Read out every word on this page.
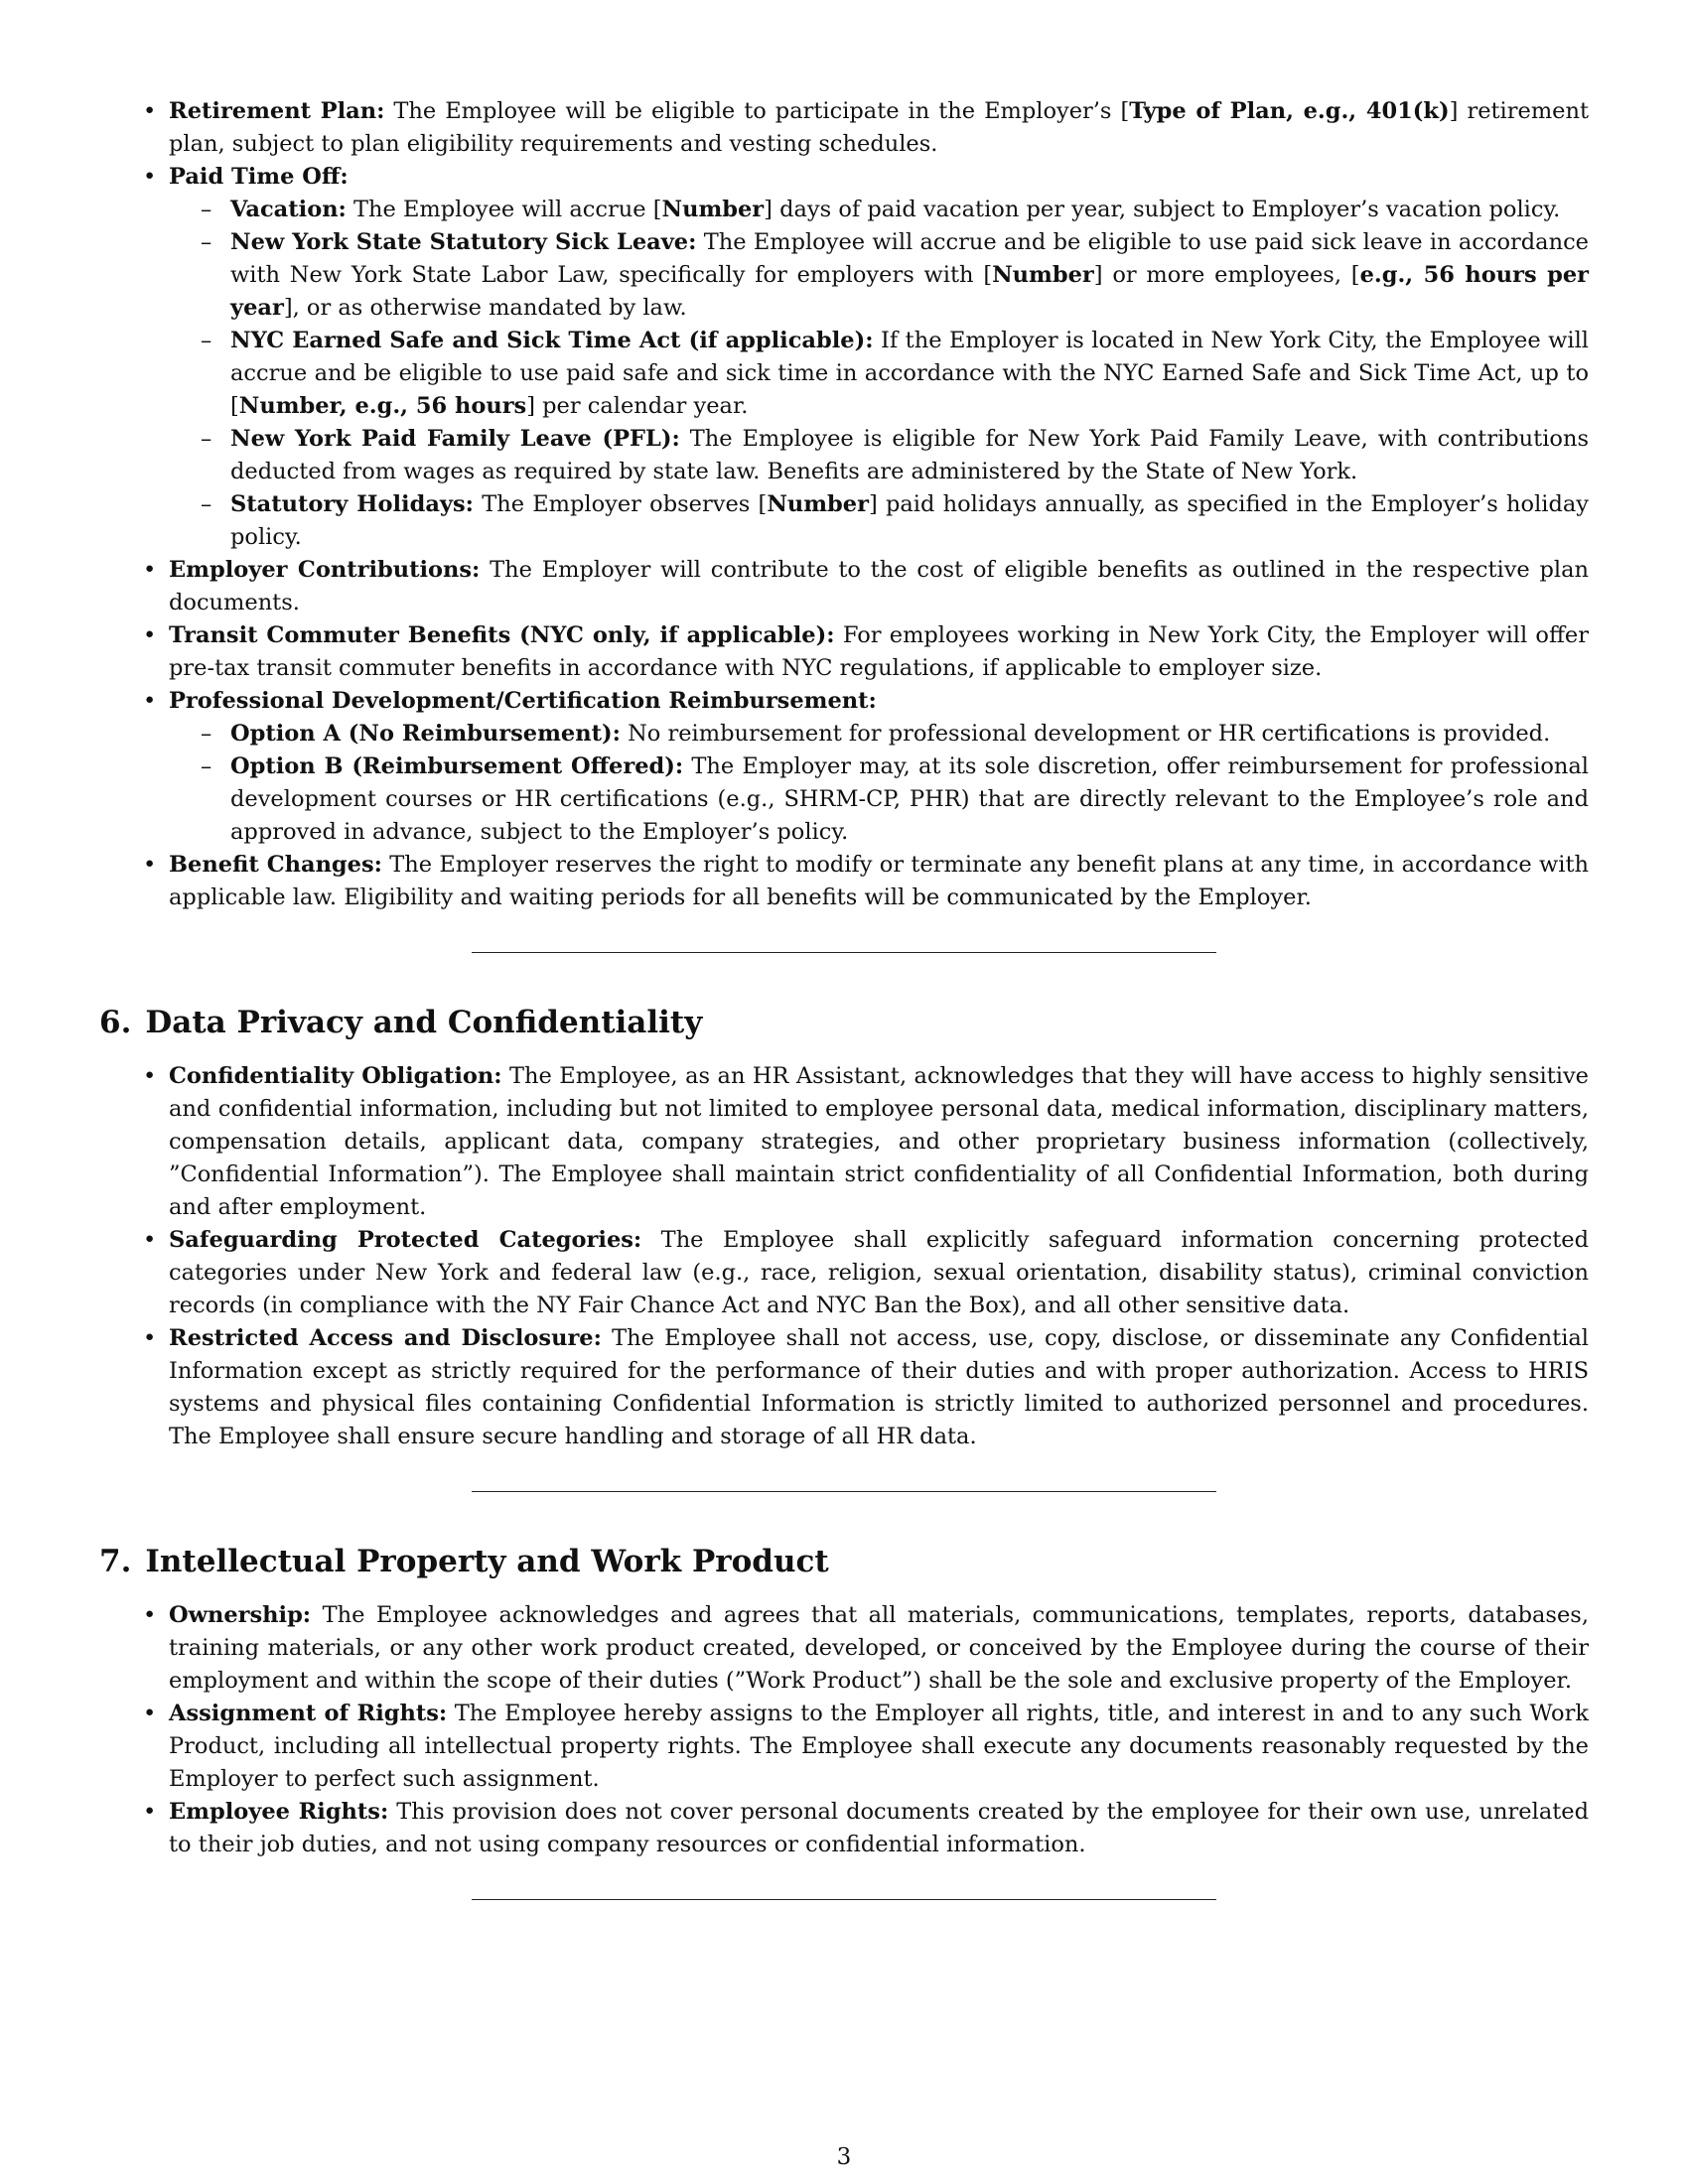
• Retirement Plan: The Employee will be eligible to participate in the Employer’s [Type of Plan, e.g., 401(k)] retirement plan, subject to plan eligibility requirements and vesting schedules.
• Paid Time Off:
– Vacation: The Employee will accrue [Number] days of paid vacation per year, subject to Employer’s vacation policy.
– New York State Statutory Sick Leave: The Employee will accrue and be eligible to use paid sick leave in accordance with New York State Labor Law, specifically for employers with [Number] or more employees, [e.g., 56 hours per year], or as otherwise mandated by law.
– NYC Earned Safe and Sick Time Act (if applicable): If the Employer is located in New York City, the Employee will accrue and be eligible to use paid safe and sick time in accordance with the NYC Earned Safe and Sick Time Act, up to [Number, e.g., 56 hours] per calendar year.
– New York Paid Family Leave (PFL): The Employee is eligible for New York Paid Family Leave, with contributions deducted from wages as required by state law. Benefits are administered by the State of New York.
– Statutory Holidays: The Employer observes [Number] paid holidays annually, as specified in the Employer’s holiday policy.
• Employer Contributions: The Employer will contribute to the cost of eligible benefits as outlined in the respective plan documents.
• Transit Commuter Benefits (NYC only, if applicable): For employees working in New York City, the Employer will offer pre-tax transit commuter benefits in accordance with NYC regulations, if applicable to employer size.
• Professional Development/Certification Reimbursement:
– Option A (No Reimbursement): No reimbursement for professional development or HR certifications is provided.
– Option B (Reimbursement Offered): The Employer may, at its sole discretion, offer reimbursement for professional development courses or HR certifications (e.g., SHRM-CP, PHR) that are directly relevant to the Employee’s role and approved in advance, subject to the Employer’s policy.
• Benefit Changes: The Employer reserves the right to modify or terminate any benefit plans at any time, in accordance with applicable law. Eligibility and waiting periods for all benefits will be communicated by the Employer.
6. Data Privacy and Confidentiality
• Confidentiality Obligation: The Employee, as an HR Assistant, acknowledges that they will have access to highly sensitive and confidential information, including but not limited to employee personal data, medical information, disciplinary matters, compensation details, applicant data, company strategies, and other proprietary business information (collectively, ”Confidential Information”). The Employee shall maintain strict confidentiality of all Confidential Information, both during and after employment.
• Safeguarding Protected Categories: The Employee shall explicitly safeguard information concerning protected categories under New York and federal law (e.g., race, religion, sexual orientation, disability status), criminal conviction records (in compliance with the NY Fair Chance Act and NYC Ban the Box), and all other sensitive data.
• Restricted Access and Disclosure: The Employee shall not access, use, copy, disclose, or disseminate any Confidential Information except as strictly required for the performance of their duties and with proper authorization. Access to HRIS systems and physical files containing Confidential Information is strictly limited to authorized personnel and procedures. The Employee shall ensure secure handling and storage of all HR data.
7. Intellectual Property and Work Product
• Ownership: The Employee acknowledges and agrees that all materials, communications, templates, reports, databases, training materials, or any other work product created, developed, or conceived by the Employee during the course of their employment and within the scope of their duties (”Work Product”) shall be the sole and exclusive property of the Employer.
• Assignment of Rights: The Employee hereby assigns to the Employer all rights, title, and interest in and to any such Work Product, including all intellectual property rights. The Employee shall execute any documents reasonably requested by the Employer to perfect such assignment.
• Employee Rights: This provision does not cover personal documents created by the employee for their own use, unrelated to their job duties, and not using company resources or confidential information.
3
